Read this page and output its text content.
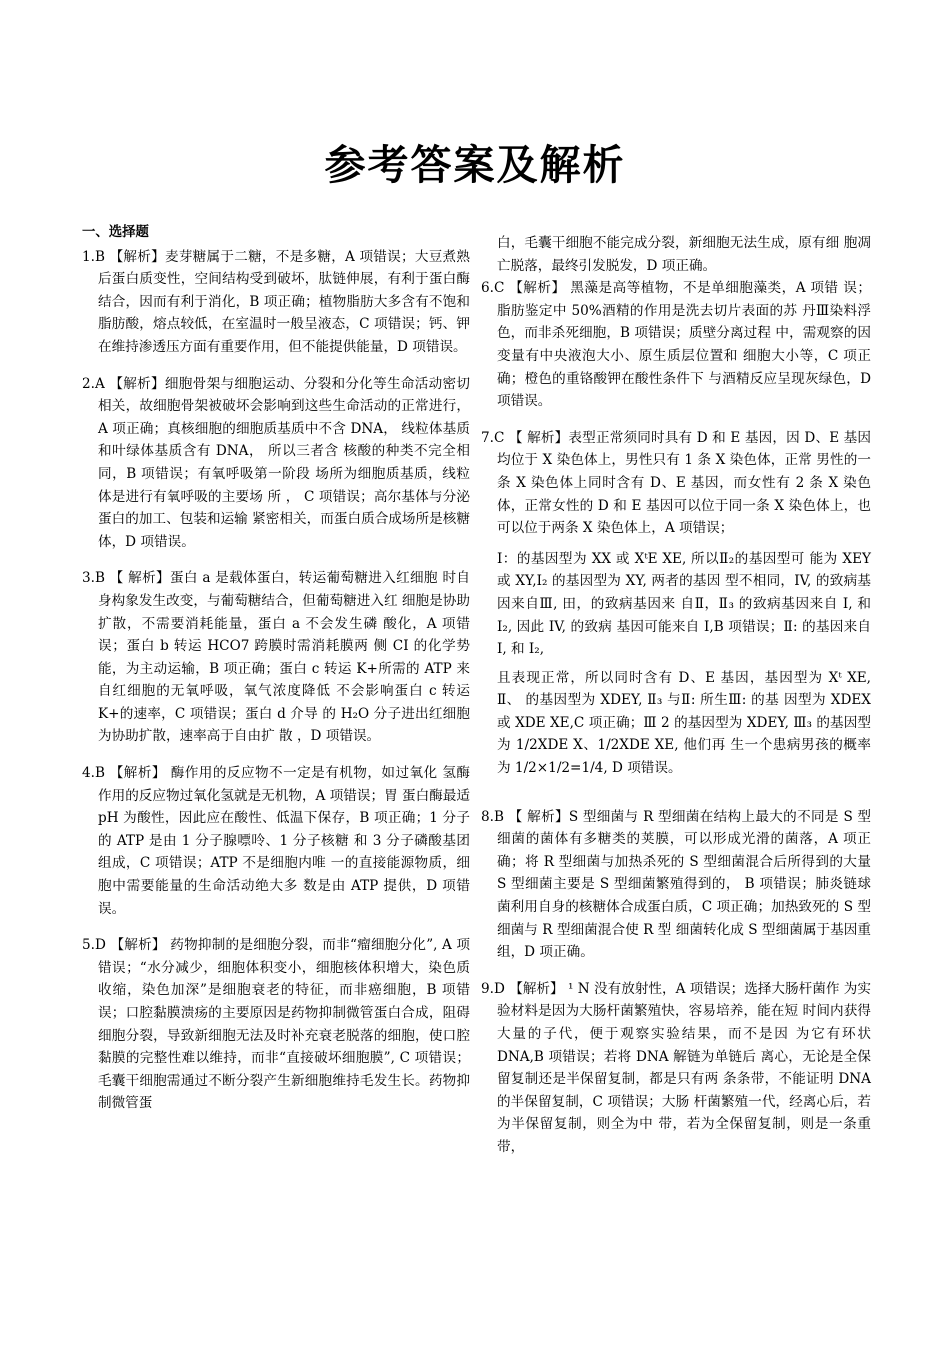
参考答案及解析
一、选择题
1.B 【解析】麦芽糖属于二糖，不是多糖，A 项错误；大豆煮熟后蛋白质变性，空间结构受到破坏，肽链伸展，有利于蛋白酶结合，因而有利于消化，B 项正确；植物脂肪大多含有不饱和脂肪酸，熔点较低，在室温时一般呈液态，C 项错误；钙、钾在维持渗透压方面有重要作用，但不能提供能量，D 项错误。
2.A 【解析】细胞骨架与细胞运动、分裂和分化等生命活动密切相关，故细胞骨架被破坏会影响到这些生命活动的正常进行，A 项正确；真核细胞的细胞质基质中不含 DNA， 线粒体基质和叶绿体基质含有 DNA， 所以三者含 核酸的种类不完全相同，B 项错误；有氧呼吸第一阶段 场所为细胞质基质，线粒体是进行有氧呼吸的主要场 所 ， C 项错误；高尔基体与分泌蛋白的加工、包装和运输 紧密相关，而蛋白质合成场所是核糖体，D 项错误。
3.B 【 解析】蛋白 a 是载体蛋白，转运葡萄糖进入红细胞 时自身构象发生改变，与葡萄糖结合，但葡萄糖进入红 细胞是协助扩散，不需要消耗能量，蛋白 a 不会发生磷 酸化，A 项错误；蛋白 b 转运 HCO7 跨膜时需消耗膜两 侧 CI 的化学势能，为主动运输，B 项正确；蛋白 c 转运 K+所需的 ATP 来自红细胞的无氧呼吸，氧气浓度降低 不会影响蛋白 c 转运 K+的速率，C 项错误；蛋白 d 介导 的 H₂O 分子进出红细胞为协助扩散，速率高于自由扩 散 ，D 项错误。
4.B 【解析】 酶作用的反应物不一定是有机物，如过氧化 氢酶作用的反应物过氧化氢就是无机物，A 项错误；胃 蛋白酶最适 pH 为酸性，因此应在酸性、低温下保存，B 项正确；1 分子的 ATP 是由 1 分子腺嘌呤、1 分子核糖 和 3 分子磷酸基团组成，C 项错误；ATP 不是细胞内唯 一的直接能源物质，细胞中需要能量的生命活动绝大多 数是由 ATP 提供，D 项错误。
5.D 【解析】 药物抑制的是细胞分裂，而非“瘤细胞分化”, A 项错误；“水分减少，细胞体积变小，细胞核体积增大，染色质收缩，染色加深”是细胞衰老的特征，而非癌细胞，B 项错误；口腔黏膜溃疡的主要原因是药物抑制微管蛋白合成，阻碍细胞分裂，导致新细胞无法及时补充衰老脱落的细胞，使口腔黏膜的完整性难以维持，而非“直接破坏细胞膜”, C 项错误；毛囊干细胞需通过不断分裂产生新细胞维持毛发生长。药物抑制微管蛋
白，毛囊干细胞不能完成分裂，新细胞无法生成，原有细 胞凋亡脱落，最终引发脱发，D 项正确。
6.C 【解析】 黑藻是高等植物，不是单细胞藻类，A 项错 误；脂肪鉴定中 50%酒精的作用是洗去切片表面的苏 丹Ⅲ染料浮色，而非杀死细胞，B 项错误；质壁分离过程 中，需观察的因变量有中央液泡大小、原生质层位置和 细胞大小等，C 项正确；橙色的重铬酸钾在酸性条件下 与酒精反应呈现灰绿色，D 项错误。

7.C 【 解析】表型正常须同时具有 D 和 E 基因，因 D、E 基因均位于 X 染色体上，男性只有 1 条 X 染色体，正常 男性的一条 X 染色体上同时含有 D、E 基因，而女性有 2 条 X 染色体，正常女性的 D 和 E 基因可以位于同一条 X 染色体上，也可以位于两条 X 染色体上，A 项错误；

I：的基因型为 XX 或 XᵗE XE, 所以Ⅱ₂的基因型可 能为 XEY 或 XY,I₂ 的基因型为 XY, 两者的基因 型不相同，IV, 的致病基因来自Ⅲ, 田，的致病基因来 自Ⅱ，Ⅱ₃ 的致病基因来自 I, 和 I₂, 因此 IV, 的致病 基因可能来自 I,B 项错误；Ⅱ: 的基因来自 I, 和 I₂,

且表现正常，所以同时含有 D、E 基因，基因型为 Xᵗ XE, Ⅱ、 的基因型为 XDEY, Ⅱ₃ 与Ⅱ: 所生Ⅲ: 的基 因型为 XDEX 或 XDE XE,C 项正确；Ⅲ 2 的基因型为 XDEY, Ⅲ₃ 的基因型为 1/2XDE X、1/2XDE XE, 他们再 生一个患病男孩的概率为 1/2×1/2=1/4, D 项错误。

8.B 【 解析】S 型细菌与 R 型细菌在结构上最大的不同是 S 型细菌的菌体有多糖类的荚膜，可以形成光滑的菌落，A 项正确；将 R 型细菌与加热杀死的 S 型细菌混合后所得到的大量 S 型细菌主要是 S 型细菌繁殖得到的， B 项错误；肺炎链球菌利用自身的核糖体合成蛋白质，C 项正确；加热致死的 S 型细菌与 R 型细菌混合使 R 型 细菌转化成 S 型细菌属于基因重组，D 项正确。
9.D 【解析】 ¹ N 没有放射性，A 项错误；选择大肠杆菌作 为实验材料是因为大肠杆菌繁殖快，容易培养，能在短 时间内获得大量的子代，便于观察实验结果，而不是因 为它有环状 DNA,B 项错误；若将 DNA 解链为单链后 离心，无论是全保留复制还是半保留复制，都是只有两 条条带，不能证明 DNA 的半保留复制，C 项错误；大肠 杆菌繁殖一代，经离心后，若为半保留复制，则全为中 带，若为全保留复制，则是一条重带，
